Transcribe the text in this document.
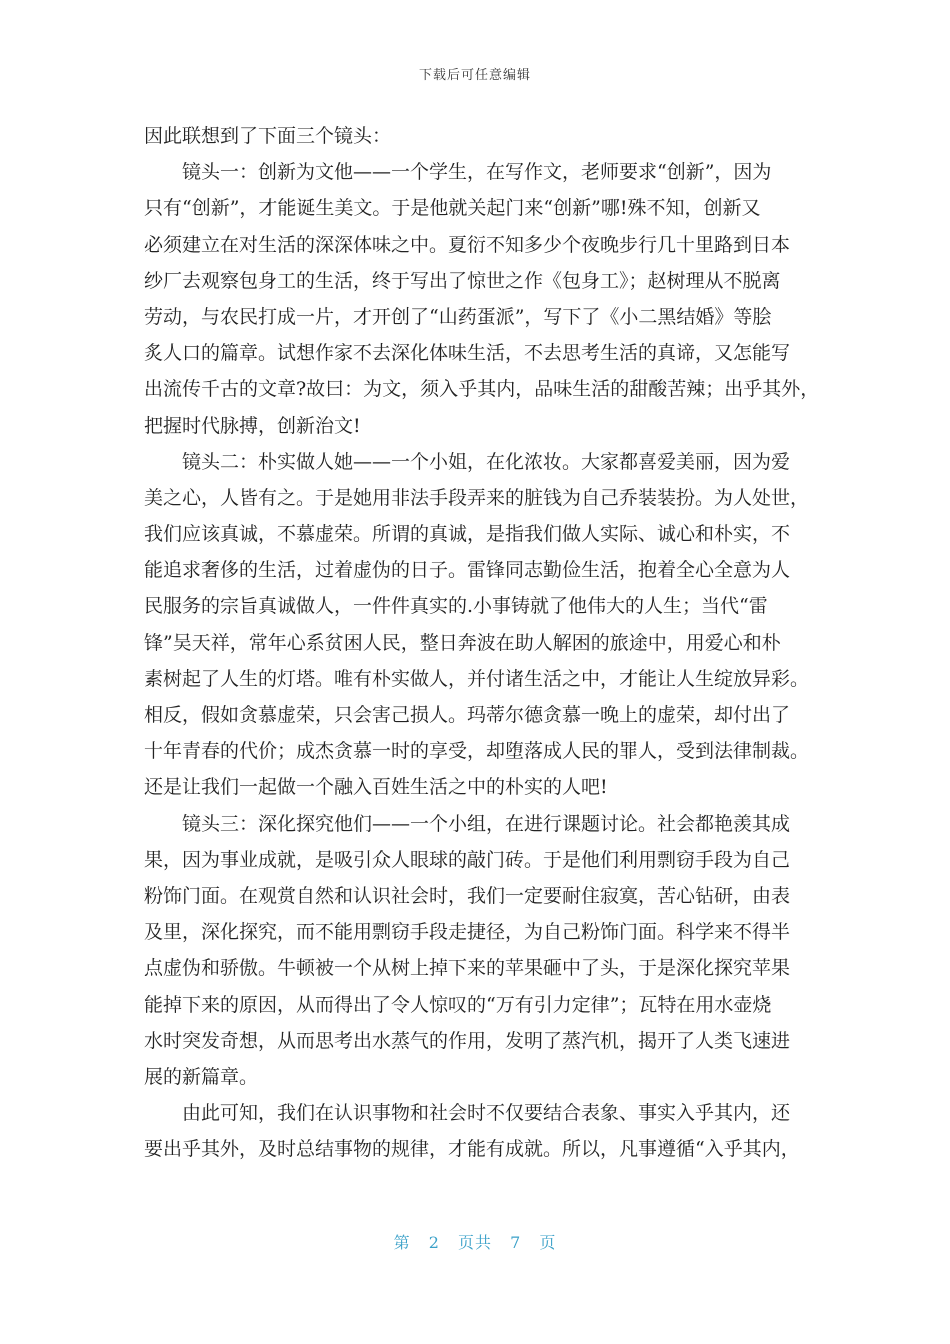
下载后可任意编辑
因此联想到了下面三个镜头：
镜头一：创新为文他——一个学生，在写作文，老师要求“创新”，因为
只有“创新”，才能诞生美文。于是他就关起门来“创新”哪!殊不知，创新又
必须建立在对生活的深深体味之中。夏衍不知多少个夜晚步行几十里路到日本
纱厂去观察包身工的生活，终于写出了惊世之作《包身工》；赵树理从不脱离
劳动，与农民打成一片，才开创了“山药蛋派”，写下了《小二黑结婚》等脍
炙人口的篇章。试想作家不去深化体味生活，不去思考生活的真谛，又怎能写
出流传千古的文章?故曰：为文，须入乎其内，品味生活的甜酸苦辣；出乎其外，
把握时代脉搏，创新治文!
镜头二：朴实做人她——一个小姐，在化浓妆。大家都喜爱美丽，因为爱
美之心，人皆有之。于是她用非法手段弄来的脏钱为自己乔装装扮。为人处世，
我们应该真诚，不慕虚荣。所谓的真诚，是指我们做人实际、诚心和朴实，不
能追求奢侈的生活，过着虚伪的日子。雷锋同志勤俭生活，抱着全心全意为人
民服务的宗旨真诚做人，一件件真实的.小事铸就了他伟大的人生；当代“雷
锋”吴天祥，常年心系贫困人民，整日奔波在助人解困的旅途中，用爱心和朴
素树起了人生的灯塔。唯有朴实做人，并付诸生活之中，才能让人生绽放异彩。
相反，假如贪慕虚荣，只会害己损人。玛蒂尔德贪慕一晚上的虚荣，却付出了
十年青春的代价；成杰贪慕一时的享受，却堕落成人民的罪人，受到法律制裁。
还是让我们一起做一个融入百姓生活之中的朴实的人吧!
镜头三：深化探究他们——一个小组，在进行课题讨论。社会都艳羡其成
果，因为事业成就，是吸引众人眼球的敲门砖。于是他们利用剽窃手段为自己
粉饰门面。在观赏自然和认识社会时，我们一定要耐住寂寞，苦心钻研，由表
及里，深化探究，而不能用剽窃手段走捷径，为自己粉饰门面。科学来不得半
点虚伪和骄傲。牛顿被一个从树上掉下来的苹果砸中了头，于是深化探究苹果
能掉下来的原因，从而得出了令人惊叹的“万有引力定律”；瓦特在用水壶烧
水时突发奇想，从而思考出水蒸气的作用，发明了蒸汽机，揭开了人类飞速进
展的新篇章。
由此可知，我们在认识事物和社会时不仅要结合表象、事实入乎其内，还
要出乎其外，及时总结事物的规律，才能有成就。所以，凡事遵循“入乎其内，
第 2 页共 7 页
